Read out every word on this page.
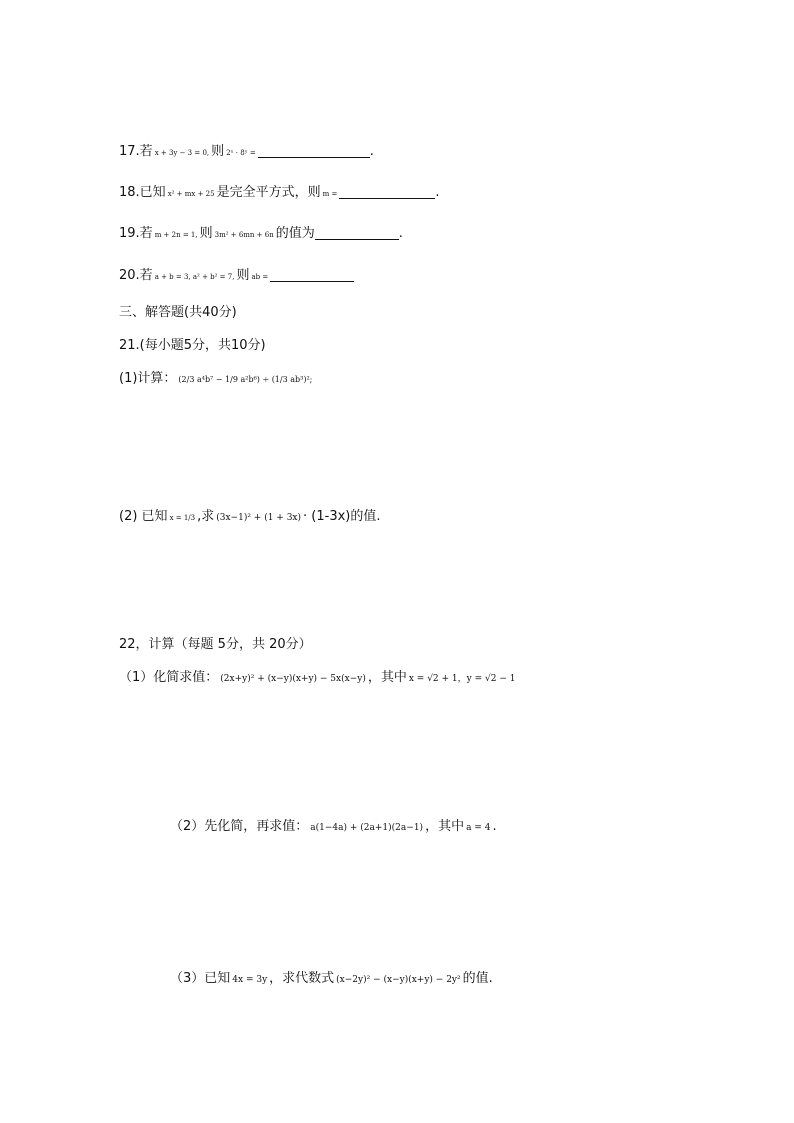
17.若 x + 3y − 3 = 0, 则 2ˣ · 8ʸ =	.
18.已知 x² + mx + 25 是完全平方式，则 m =	.
19.若 m + 2n = 1, 则 3m² + 6mn + 6n 的值为	.
20.若 a + b = 3, a² + b² = 7, 则 ab =
三、解答题(共40分)
21.(每小题5分，共10分)
(1)计算： (2/3 a⁴b⁷ − 1/9 a²b⁶) ÷ (1/3 ab³)²;
(2) 已知 x = 1/3 ,求 (3x−1)² + (1 + 3x) · (1-3x)的值.
22，计算（每题 5分，共 20分）
（1）化简求值： (2x+y)² + (x−y)(x+y) − 5x(x−y) ，其中 x = √2 + 1，y = √2 − 1
（2）先化简，再求值： a(1−4a) + (2a+1)(2a−1) ，其中 a = 4 .
（3）已知 4x = 3y ，求代数式 (x−2y)² − (x−y)(x+y) − 2y² 的值.
